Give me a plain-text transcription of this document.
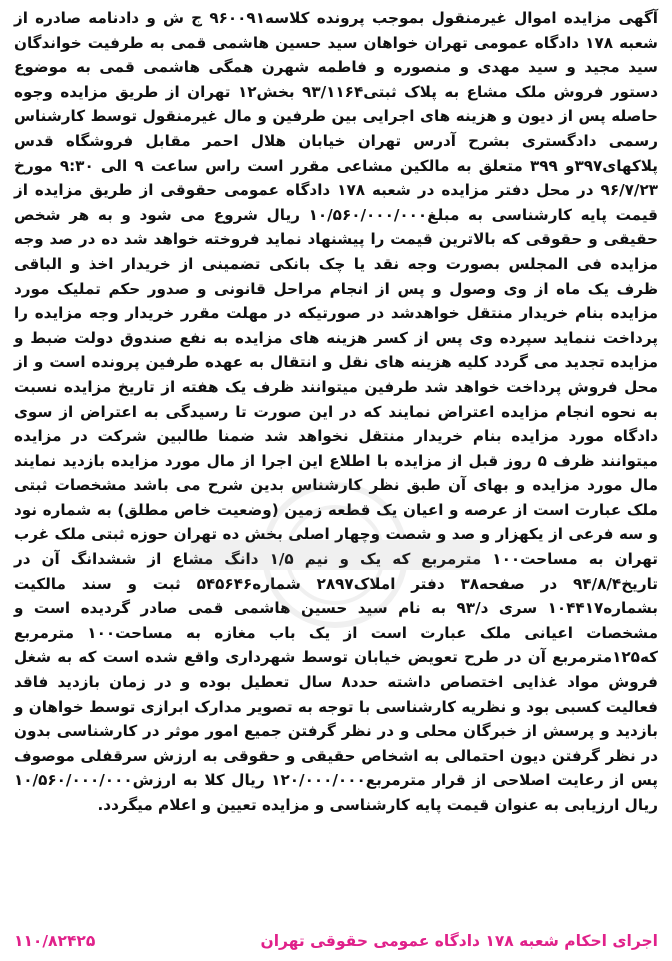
آگهی مزایده اموال غیرمنقول بموجب پرونده کلاسه۹۶۰۰۹۱ ج ش و دادنامه صادره از شعبه ۱۷۸ دادگاه عمومی تهران خواهان سید حسین هاشمی قمی به طرفیت خواندگان سید مجید و سید مهدی و منصوره و فاطمه شهرن همگی هاشمی قمی به موضوع دستور فروش ملک مشاع به پلاک ثبتی۹۳/۱۱۶۴ بخش۱۲ تهران از طریق مزایده وجوه حاصله پس از دیون و هزینه های اجرایی بین طرفین و مال غیرمنقول توسط کارشناس رسمی دادگستری بشرح آدرس تهران خیابان هلال احمر مقابل فروشگاه قدس پلاکهای۳۹۷و ۳۹۹ متعلق به مالکین مشاعی مقرر است راس ساعت ۹ الی ۹:۳۰ مورخ ۹۶/۷/۲۳ در محل دفتر مزایده در شعبه ۱۷۸ دادگاه عمومی حقوقی از طریق مزایده از قیمت پایه کارشناسی به مبلغ۱۰/۵۶۰/۰۰۰/۰۰۰ ریال شروع می شود و به هر شخص حقیقی و حقوقی که بالاترین قیمت را پیشنهاد نماید فروخته خواهد شد ده در صد وجه مزایده فی المجلس بصورت وجه نقد یا چک بانکی تضمینی از خریدار اخذ و الباقی ظرف یک ماه از وی وصول و پس از انجام مراحل قانونی و صدور حکم تملیک مورد مزایده بنام خریدار منتقل خواهدشد در صورتیکه در مهلت مقرر خریدار وجه مزایده را پرداخت ننماید سپرده وی پس از کسر هزینه های مزایده به نفع صندوق دولت ضبط و مزایده تجدید می گردد کلیه هزینه های نقل و انتقال به عهده طرفین پرونده است و از محل فروش پرداخت خواهد شد طرفین میتوانند ظرف یک هفته از تاریخ مزایده نسبت به نحوه انجام مزایده اعتراض نمایند که در این صورت تا رسیدگی به اعتراض از سوی دادگاه مورد مزایده بنام خریدار منتقل نخواهد شد ضمنا طالبین شرکت در مزایده میتوانند ظرف ۵ روز قبل از مزایده با اطلاع این اجرا از مال مورد مزایده بازدید نمایند مال مورد مزایده و بهای آن طبق نظر کارشناس بدین شرح می باشد مشخصات ثبتی ملک عبارت است از عرصه و اعیان یک قطعه زمین (وضعیت خاص مطلق) به شماره نود و سه فرعی از یکهزار و صد و شصت وچهار اصلی بخش ده تهران حوزه ثبتی ملک غرب تهران به مساحت۱۰۰ مترمربع که یک و نیم ۱/۵ دانگ مشاع از ششدانگ آن در تاریخ۹۴/۸/۴ در صفحه۳۸ دفتر املاک۲۸۹۷ شماره۵۴۵۶۴۶ ثبت و سند مالکیت بشماره۱۰۴۴۱۷ سری د/۹۳ به نام سید حسین هاشمی قمی صادر گردیده است و مشخصات اعیانی ملک عبارت است از یک باب مغازه به مساحت۱۰۰ مترمربع که۱۲۵مترمربع آن در طرح تعویض خیابان توسط شهرداری واقع شده است که به شغل فروش مواد غذایی اختصاص داشته حدد۸ سال تعطیل بوده و در زمان بازدید فاقد فعالیت کسبی بود و نظریه کارشناسی با توجه به تصویر مدارک ابرازی توسط خواهان و بازدید و پرسش از خبرگان محلی و در نظر گرفتن جمیع امور موثر در کارشناسی بدون در نظر گرفتن دیون احتمالی به اشخاص حقیقی و حقوقی به ارزش سرقفلی موصوف پس از رعایت اصلاحی از قرار مترمربع۱۲۰/۰۰۰/۰۰۰ ریال کلا به ارزش۱۰/۵۶۰/۰۰۰/۰۰۰ ریال ارزیابی به عنوان قیمت پایه کارشناسی و مزایده تعیین و اعلام میگردد.

اجرای احکام شعبه ۱۷۸ دادگاه عمومی حقوقی تهران
۱۱۰/۸۲۴۲۵
